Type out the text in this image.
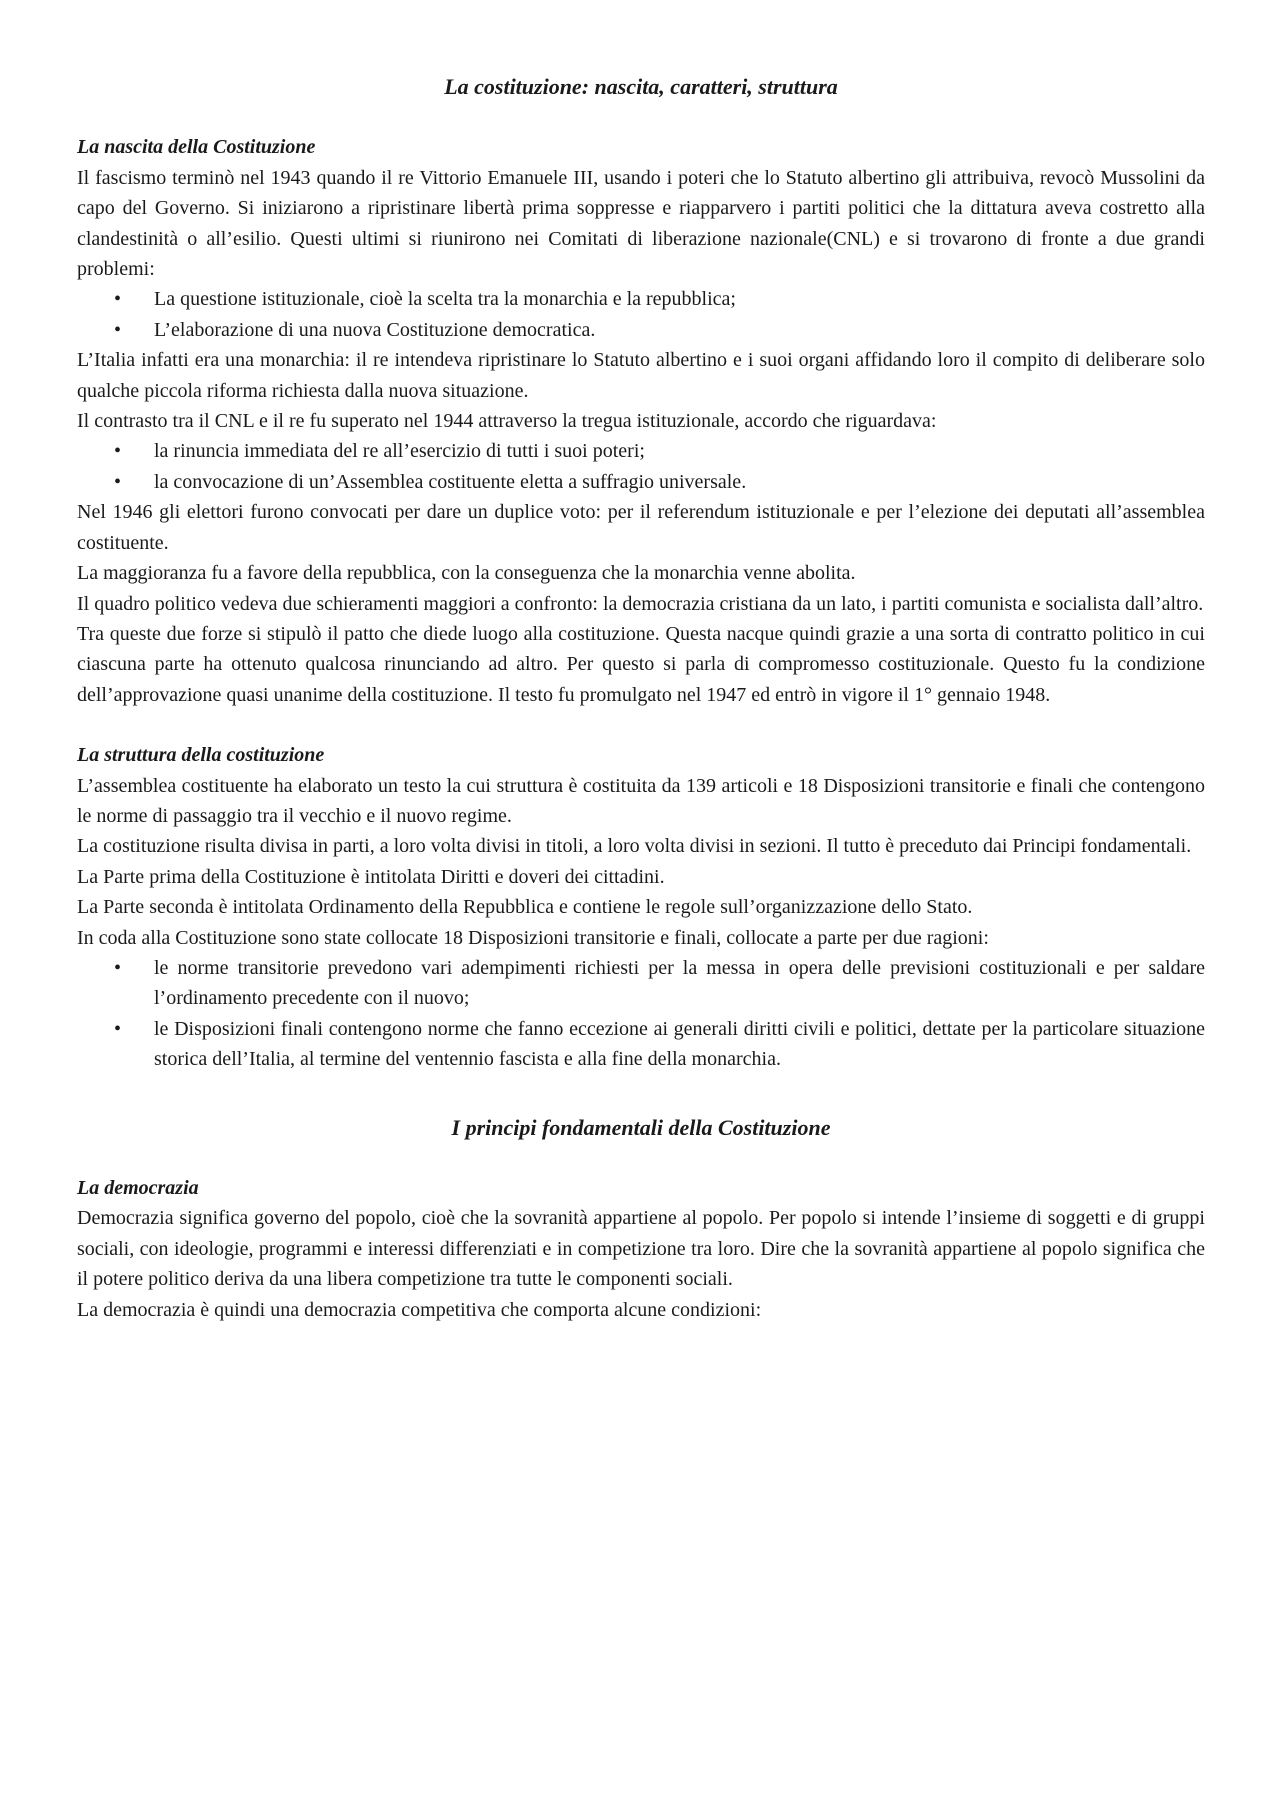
La costituzione: nascita, caratteri, struttura
La nascita della Costituzione

Il fascismo terminò nel 1943 quando il re Vittorio Emanuele III, usando i poteri che lo Statuto albertino gli attribuiva, revocò Mussolini da capo del Governo. Si iniziarono a ripristinare libertà prima soppresse e riapparvero i partiti politici che la dittatura aveva costretto alla clandestinità o all’esilio. Questi ultimi si riunirono nei Comitati di liberazione nazionale(CNL) e si trovarono di fronte a due grandi problemi:

• La questione istituzionale, cioè la scelta tra la monarchia e la repubblica;
• L’elaborazione di una nuova Costituzione democratica.

L’Italia infatti era una monarchia: il re intendeva ripristinare lo Statuto albertino e i suoi organi affidando loro il compito di deliberare solo qualche piccola riforma richiesta dalla nuova situazione.

Il contrasto tra il CNL e il re fu superato nel 1944 attraverso la tregua istituzionale, accordo che riguardava:

• la rinuncia immediata del re all’esercizio di tutti i suoi poteri;
• la convocazione di un’Assemblea costituente eletta a suffragio universale.

Nel 1946 gli elettori furono convocati per dare un duplice voto: per il referendum istituzionale e per l’elezione dei deputati all’assemblea costituente.

La maggioranza fu a favore della repubblica, con la conseguenza che la monarchia venne abolita.

Il quadro politico vedeva due schieramenti maggiori a confronto: la democrazia cristiana da un lato, i partiti comunista e socialista dall’altro.

Tra queste due forze si stipulò il patto che diede luogo alla costituzione. Questa nacque quindi grazie a una sorta di contratto politico in cui ciascuna parte ha ottenuto qualcosa rinunciando ad altro. Per questo si parla di compromesso costituzionale. Questo fu la condizione dell’approvazione quasi unanime della costituzione. Il testo fu promulgato nel 1947 ed entrò in vigore il 1° gennaio 1948.

La struttura della costituzione

L’assemblea costituente ha elaborato un testo la cui struttura è costituita da 139 articoli e 18 Disposizioni transitorie e finali che contengono le norme di passaggio tra il vecchio e il nuovo regime.

La costituzione risulta divisa in parti, a loro volta divisi in titoli, a loro volta divisi in sezioni. Il tutto è preceduto dai Principi fondamentali.

La Parte prima della Costituzione è intitolata Diritti e doveri dei cittadini.

La Parte seconda è intitolata Ordinamento della Repubblica e contiene le regole sull’organizzazione dello Stato.

In coda alla Costituzione sono state collocate 18 Disposizioni transitorie e finali, collocate a parte per due ragioni:

• le norme transitorie prevedono vari adempimenti richiesti per la messa in opera delle previsioni costituzionali e per saldare l’ordinamento precedente con il nuovo;
• le Disposizioni finali contengono norme che fanno eccezione ai generali diritti civili e politici, dettate per la particolare situazione storica dell’Italia, al termine del ventennio fascista e alla fine della monarchia.
I principi fondamentali della Costituzione
La democrazia

Democrazia significa governo del popolo, cioè che la sovranità appartiene al popolo. Per popolo si intende l’insieme di soggetti e di gruppi sociali, con ideologie, programmi e interessi differenziati e in competizione tra loro. Dire che la sovranità appartiene al popolo significa che il potere politico deriva da una libera competizione tra tutte le componenti sociali.

La democrazia è quindi una democrazia competitiva che comporta alcune condizioni:
